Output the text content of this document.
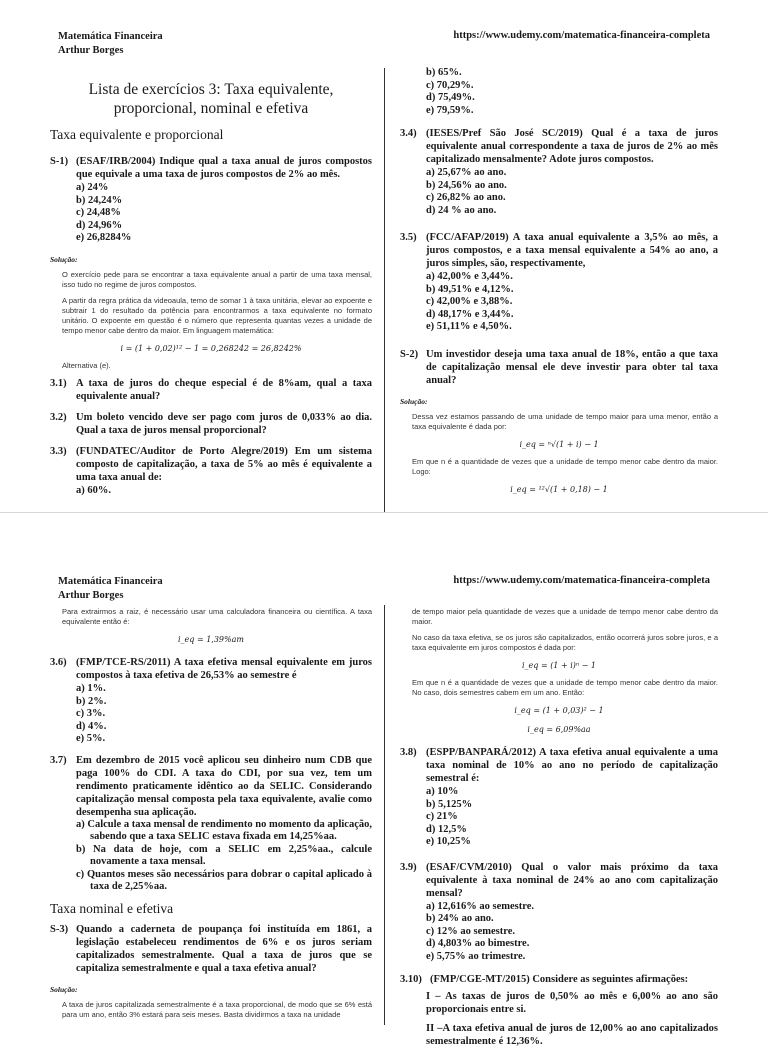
Matemática Financeira
Arthur Borges
https://www.udemy.com/matematica-financeira-completa
Lista de exercícios 3: Taxa equivalente, proporcional, nominal e efetiva
Taxa equivalente e proporcional
S-1) (ESAF/IRB/2004) Indique qual a taxa anual de juros compostos que equivale a uma taxa de juros compostos de 2% ao mês.
a) 24%
b) 24,24%
c) 24,48%
d) 24,96%
e) 26,8284%
Solução:
O exercício pede para se encontrar a taxa equivalente anual a partir de uma taxa mensal, isso tudo no regime de juros compostos.
A partir da regra prática da videoaula, temo de somar 1 à taxa unitária, elevar ao expoente e subtrair 1 do resultado da potência para encontrarmos a taxa equivalente no formato unitário. O expoente em questão é o número que representa quantas vezes a unidade de tempo menor cabe dentro da maior. Em linguagem matemática:
i = (1 + 0,02)¹² − 1 = 0,268242 = 26,8242%
Alternativa (e).
3.1) A taxa de juros do cheque especial é de 8%am, qual a taxa equivalente anual?
3.2) Um boleto vencido deve ser pago com juros de 0,033% ao dia. Qual a taxa de juros mensal proporcional?
3.3) (FUNDATEC/Auditor de Porto Alegre/2019) Em um sistema composto de capitalização, a taxa de 5% ao mês é equivalente a uma taxa anual de:
a) 60%.
b) 65%.
c) 70,29%.
d) 75,49%.
e) 79,59%.
3.4) (IESES/Pref São José SC/2019) Qual é a taxa de juros equivalente anual correspondente a taxa de juros de 2% ao mês capitalizado mensalmente? Adote juros compostos.
a) 25,67% ao ano.
b) 24,56% ao ano.
c) 26,82% ao ano.
d) 24 % ao ano.
3.5) (FCC/AFAP/2019) A taxa anual equivalente a 3,5% ao mês, a juros compostos, e a taxa mensal equivalente a 54% ao ano, a juros simples, são, respectivamente,
a) 42,00% e 3,44%.
b) 49,51% e 4,12%.
c) 42,00% e 3,88%.
d) 48,17% e 3,44%.
e) 51,11% e 4,50%.
S-2) Um investidor deseja uma taxa anual de 18%, então a que taxa de capitalização mensal ele deve investir para obter tal taxa anual?
Solução:
Dessa vez estamos passando de uma unidade de tempo maior para uma menor, então a taxa equivalente é dada por:
i_eq = ⁿ√(1 + i) − 1
Em que n é a quantidade de vezes que a unidade de tempo menor cabe dentro da maior. Logo:
i_eq = ¹²√(1 + 0,18) − 1
Matemática Financeira
Arthur Borges
https://www.udemy.com/matematica-financeira-completa
Para extrairmos a raiz, é necessário usar uma calculadora financeira ou científica. A taxa equivalente então é:
i_eq = 1,39%am
3.6) (FMP/TCE-RS/2011) A taxa efetiva mensal equivalente em juros compostos à taxa efetiva de 26,53% ao semestre é
a) 1%.
b) 2%.
c) 3%.
d) 4%.
e) 5%.
3.7) Em dezembro de 2015 você aplicou seu dinheiro num CDB que paga 100% do CDI. A taxa do CDI, por sua vez, tem um rendimento praticamente idêntico ao da SELIC. Considerando capitalização mensal composta pela taxa equivalente, avalie como desempenha sua aplicação.
a) Calcule a taxa mensal de rendimento no momento da aplicação, sabendo que a taxa SELIC estava fixada em 14,25%aa.
b) Na data de hoje, com a SELIC em 2,25%aa., calcule novamente a taxa mensal.
c) Quantos meses são necessários para dobrar o capital aplicado à taxa de 2,25%aa.
Taxa nominal e efetiva
S-3) Quando a caderneta de poupança foi instituída em 1861, a legislação estabeleceu rendimentos de 6% e os juros seriam capitalizados semestralmente. Qual a taxa de juros que se capitaliza semestralmente e qual a taxa efetiva anual?
Solução:
A taxa de juros capitalizada semestralmente é a taxa proporcional, de modo que se 6% está para um ano, então 3% estará para seis meses. Basta dividirmos a taxa na unidade
de tempo maior pela quantidade de vezes que a unidade de tempo menor cabe dentro da maior.
No caso da taxa efetiva, se os juros são capitalizados, então ocorrerá juros sobre juros, e a taxa equivalente em juros compostos é dada por:
i_eq = (1 + i)ⁿ − 1
Em que n é a quantidade de vezes que a unidade de tempo menor cabe dentro da maior. No caso, dois semestres cabem em um ano. Então:
i_eq = (1 + 0,03)² − 1
i_eq = 6,09%aa
3.8) (ESPP/BANPARÁ/2012) A taxa efetiva anual equivalente a uma taxa nominal de 10% ao ano no período de capitalização semestral é:
a) 10%
b) 5,125%
c) 21%
d) 12,5%
e) 10,25%
3.9) (ESAF/CVM/2010) Qual o valor mais próximo da taxa equivalente à taxa nominal de 24% ao ano com capitalização mensal?
a) 12,616% ao semestre.
b) 24% ao ano.
c) 12% ao semestre.
d) 4,803% ao bimestre.
e) 5,75% ao trimestre.
3.10) (FMP/CGE-MT/2015) Considere as seguintes afirmações:
I – As taxas de juros de 0,50% ao mês e 6,00% ao ano são proporcionais entre si.
II –A taxa efetiva anual de juros de 12,00% ao ano capitalizados semestralmente é 12,36%.
